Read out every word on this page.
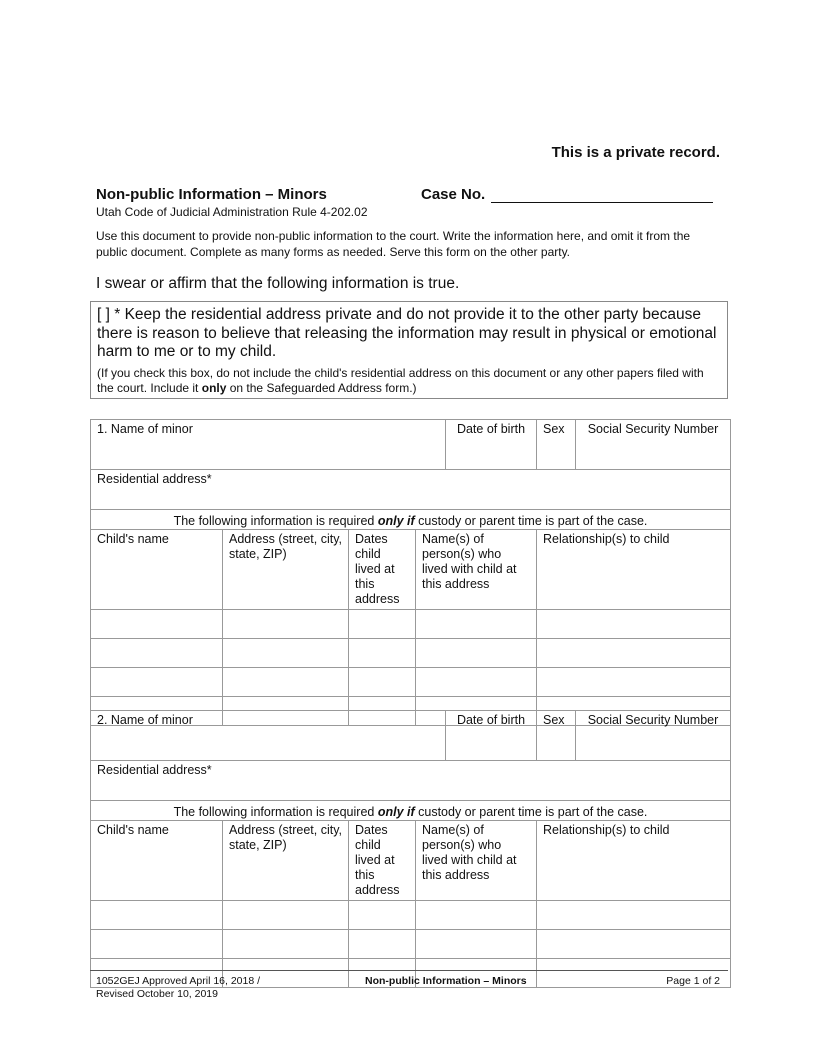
This is a private record.
Non-public Information – Minors	Case No.
Utah Code of Judicial Administration Rule 4-202.02
Use this document to provide non-public information to the court. Write the information here, and omit it from the public document. Complete as many forms as needed. Serve this form on the other party.
I swear or affirm that the following information is true.
[ ] * Keep the residential address private and do not provide it to the other party because there is reason to believe that releasing the information may result in physical or emotional harm to me or to my child.
(If you check this box, do not include the child's residential address on this document or any other papers filed with the court. Include it only on the Safeguarded Address form.)
1. Name of minor				Date of birth	Sex	Social Security Number
Residential address*						
The following information is required only if custody or parent time is part of the case.						
Child's name	Address (street, city, state, ZIP)	Dates child lived at this address	Name(s) of person(s) who lived with child at this address		Relationship(s) to child	

2. Name of minor				Date of birth	Sex	Social Security Number
Residential address*						
The following information is required only if custody or parent time is part of the case.						
Child's name	Address (street, city, state, ZIP)	Dates child lived at this address	Name(s) of person(s) who lived with child at this address		Relationship(s) to child	

1052GEJ Approved April 16, 2018 /
Revised October 10, 2019
Non-public Information – Minors	Page 1 of 2
